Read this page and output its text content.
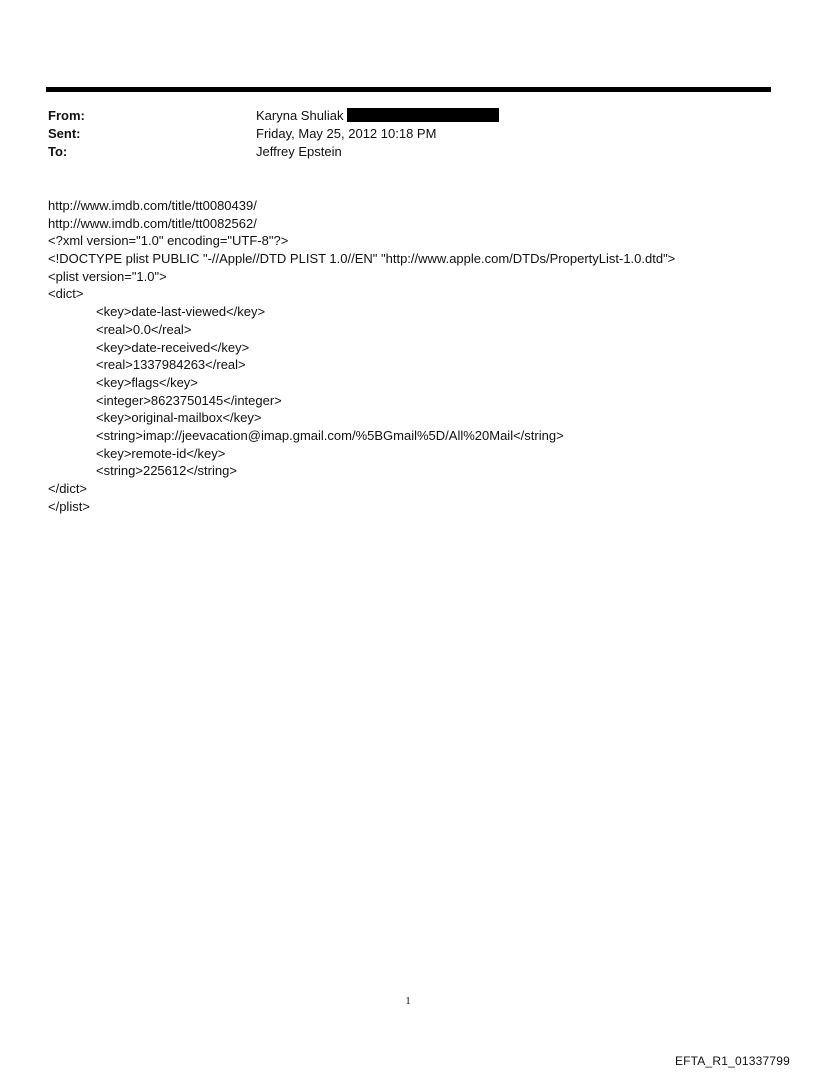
From:	Karyna Shuliak
Sent:	Friday, May 25, 2012 10:18 PM
To:	Jeffrey Epstein
http://www.imdb.com/title/tt0080439/
http://www.imdb.com/title/tt0082562/
<?xml version="1.0" encoding="UTF-8"?>
<!DOCTYPE plist PUBLIC "-//Apple//DTD PLIST 1.0//EN" "http://www.apple.com/DTDs/PropertyList-1.0.dtd">
<plist version="1.0">
<dict>
<key>date-last-viewed</key>
<real>0.0</real>
<key>date-received</key>
<real>1337984263</real>
<key>flags</key>
<integer>8623750145</integer>
<key>original-mailbox</key>
<string>imap://jeevacation@imap.gmail.com/%5BGmail%5D/All%20Mail</string>
<key>remote-id</key>
<string>225612</string>
</dict>
</plist>
1
EFTA_R1_01337799
